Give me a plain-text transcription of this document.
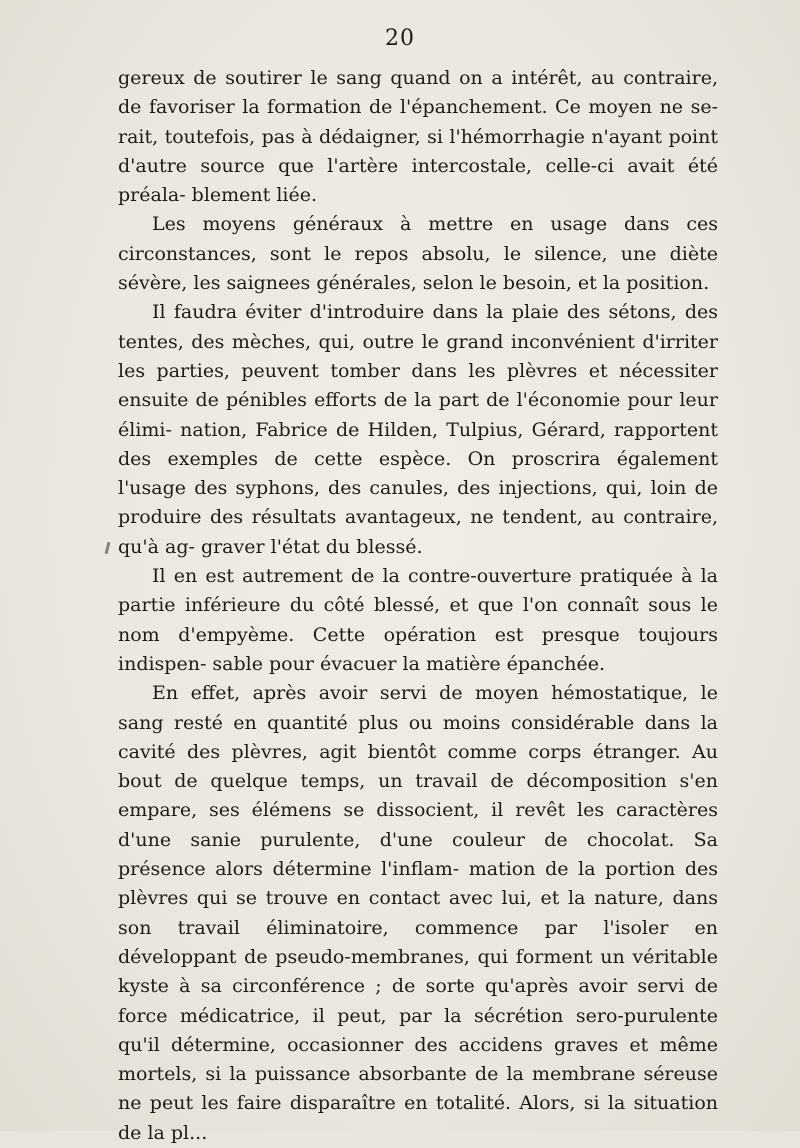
20

gereux de soutirer le sang quand on a intérêt, au contraire, de favoriser la formation de l'épanchement. Ce moyen ne se- rait, toutefois, pas à dédaigner, si l'hémorrhagie n'ayant point d'autre source que l'artère intercostale, celle-ci avait été préala- blement liée.

Les moyens généraux à mettre en usage dans ces circonstances, sont le repos absolu, le silence, une diète sévère, les saignees générales, selon le besoin, et la position.

Il faudra éviter d'introduire dans la plaie des sétons, des tentes, des mèches, qui, outre le grand inconvénient d'irriter les parties, peuvent tomber dans les plèvres et nécessiter ensuite de pénibles efforts de la part de l'économie pour leur élimi- nation, Fabrice de Hilden, Tulpius, Gérard, rapportent des exemples de cette espèce. On proscrira également l'usage des syphons, des canules, des injections, qui, loin de produire des résultats avantageux, ne tendent, au contraire, qu'à ag- graver l'état du blessé.

Il en est autrement de la contre-ouverture pratiquée à la partie inférieure du côté blessé, et que l'on connaît sous le nom d'empyème. Cette opération est presque toujours indispen- sable pour évacuer la matière épanchée.

En effet, après avoir servi de moyen hémostatique, le sang resté en quantité plus ou moins considérable dans la cavité des plèvres, agit bientôt comme corps étranger. Au bout de quelque temps, un travail de décomposition s'en empare, ses élémens se dissocient, il revêt les caractères d'une sanie purulente, d'une couleur de chocolat. Sa présence alors détermine l'inflam- mation de la portion des plèvres qui se trouve en contact avec lui, et la nature, dans son travail éliminatoire, commence par l'isoler en développant de pseudo-membranes, qui forment un véritable kyste à sa circonférence ; de sorte qu'après avoir servi de force médicatrice, il peut, par la sécrétion sero-purulente qu'il détermine, occasionner des accidens graves et même mortels, si la puissance absorbante de la membrane séreuse ne peut les faire disparaître en totalité. Alors, si la situation de la pl...
